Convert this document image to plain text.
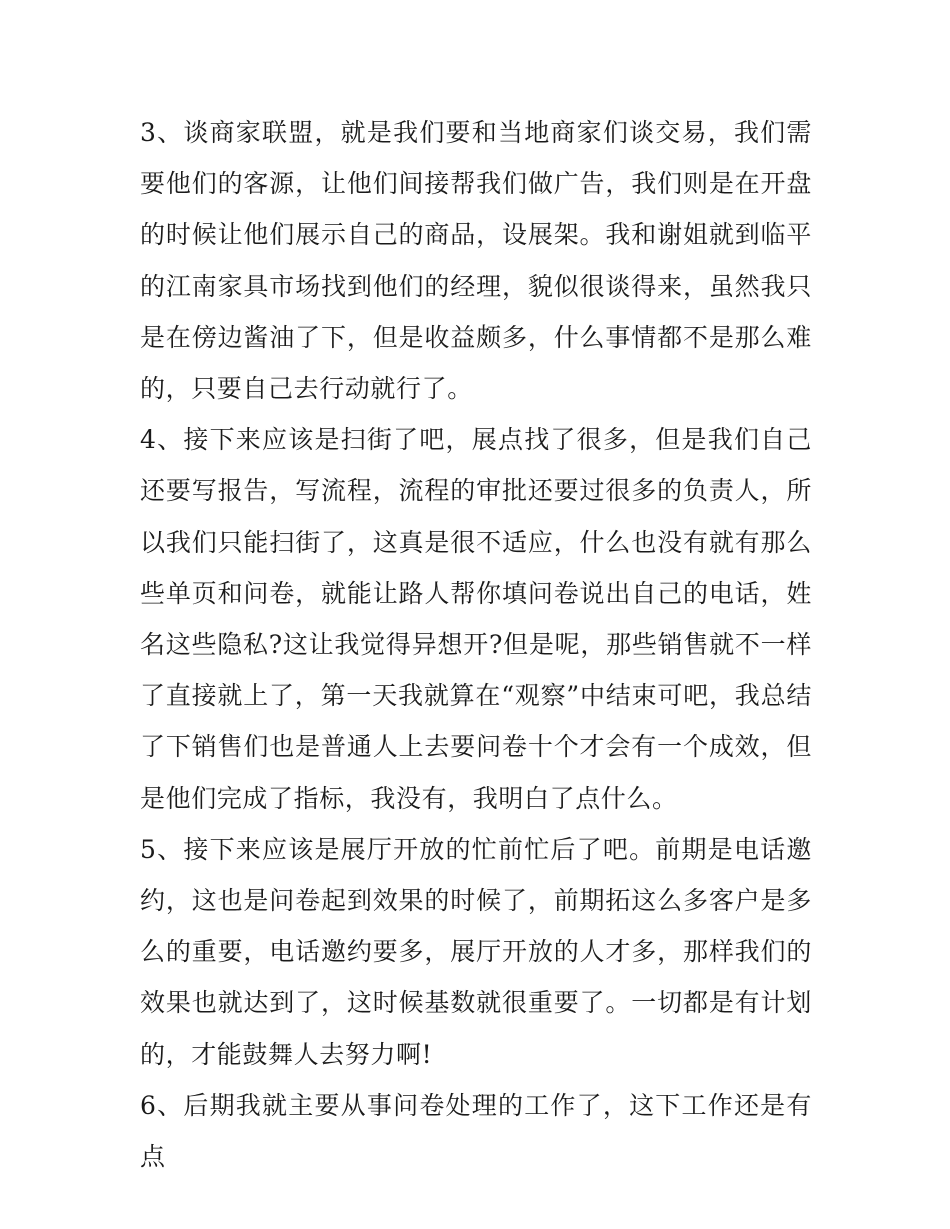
3、谈商家联盟，就是我们要和当地商家们谈交易，我们需要他们的客源，让他们间接帮我们做广告，我们则是在开盘的时候让他们展示自己的商品，设展架。我和谢姐就到临平的江南家具市场找到他们的经理，貌似很谈得来，虽然我只是在傍边酱油了下，但是收益颇多，什么事情都不是那么难的，只要自己去行动就行了。

4、接下来应该是扫街了吧，展点找了很多，但是我们自己还要写报告，写流程，流程的审批还要过很多的负责人，所以我们只能扫街了，这真是很不适应，什么也没有就有那么些单页和问卷，就能让路人帮你填问卷说出自己的电话，姓名这些隐私?这让我觉得异想开?但是呢，那些销售就不一样了直接就上了，第一天我就算在“观察”中结束可吧，我总结了下销售们也是普通人上去要问卷十个才会有一个成效，但是他们完成了指标，我没有，我明白了点什么。

5、接下来应该是展厅开放的忙前忙后了吧。前期是电话邀约，这也是问卷起到效果的时候了，前期拓这么多客户是多么的重要，电话邀约要多，展厅开放的人才多，那样我们的效果也就达到了，这时候基数就很重要了。一切都是有计划的，才能鼓舞人去努力啊!

6、后期我就主要从事问卷处理的工作了，这下工作还是有点
